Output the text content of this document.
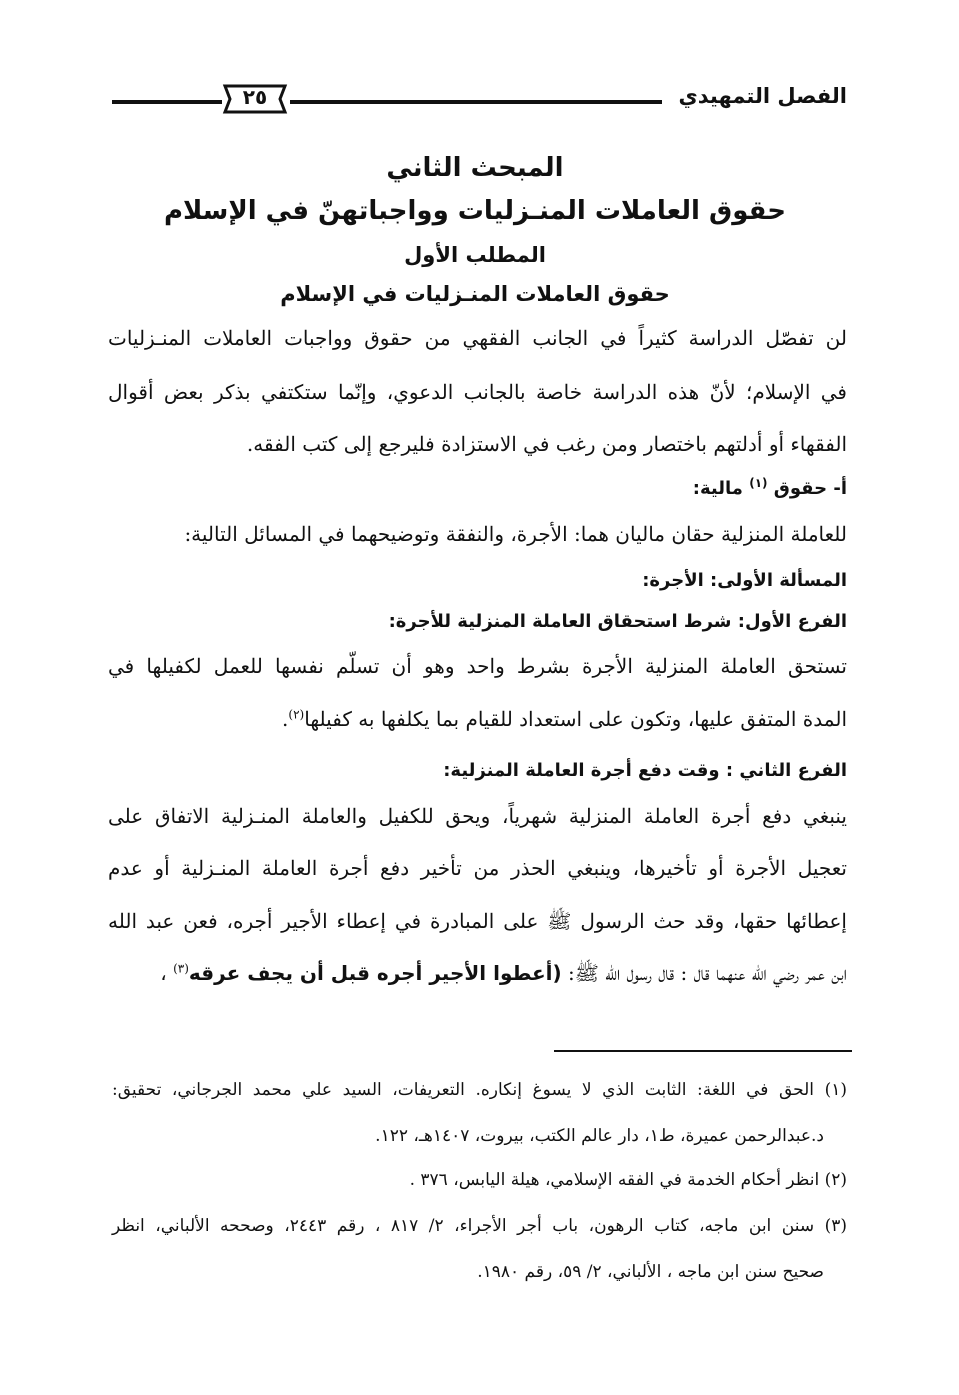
الفصل التمهيدي
٢٥
المبحث الثاني
حقوق العاملات المنـزليات وواجباتهنّ في الإسلام
المطلب الأول
حقوق العاملات المنـزليات في الإسلام
لن تفصّل الدراسة كثيراً في الجانب الفقهي من حقوق وواجبات العاملات المنـزليات
في الإسلام؛ لأنّ هذه الدراسة خاصة بالجانب الدعوي، وإنّما ستكتفي بذكر بعض أقوال
الفقهاء أو أدلتهم باختصار ومن رغب في الاستزادة فليرجع إلى كتب الفقه.
أ- حقوق $^{(١)}$ مالية:
للعاملة المنزلية حقان ماليان هما: الأجرة، والنفقة وتوضيحهما في المسائل التالية:
المسألة الأولى: الأجرة:
الفرع الأول: شرط استحقاق العاملة المنزلية للأجرة:
تستحق العاملة المنزلية الأجرة بشرط واحد وهو أن تسلّم نفسها للعمل لكفيلها في
المدة المتفق عليها، وتكون على استعداد للقيام بما يكلفها به كفيلها$^{(٢)}$.
الفرع الثاني : وقت دفع أجرة العاملة المنزلية:
ينبغي دفع أجرة العاملة المنزلية شهرياً، ويحق للكفيل والعاملة المنـزلية الاتفاق على
تعجيل الأجرة أو تأخيرها، وينبغي الحذر من تأخير دفع أجرة العاملة المنـزلية أو عدم
إعطائها حقها، وقد حث الرسول ﷺ على المبادرة في إعطاء الأجير أجره، فعن عبد الله
ابن عمر رضي الله عنهما قال : قال رسول الله ﷺ: (أعطوا الأجير أجره قبل أن يجف عرقه$^{(٣)}$ ،
(١) الحق في اللغة: الثابت الذي لا يسوغ إنكاره. التعريفات، السيد علي محمد الجرجاني، تحقيق:
د.عبدالرحمن عميرة، ط١، دار عالم الكتب، بيروت، ١٤٠٧هـ، ١٢٢.
(٢) انظر أحكام الخدمة في الفقه الإسلامي، هيلة اليابس، ٣٧٦ .
(٣) سنن ابن ماجه، كتاب الرهون، باب أجر الأجراء، ٢/ ٨١٧ ، رقم ٢٤٤٣، وصححه الألباني، انظر
صحيح سنن ابن ماجه ، الألباني، ٢/ ٥٩، رقم ١٩٨٠.
